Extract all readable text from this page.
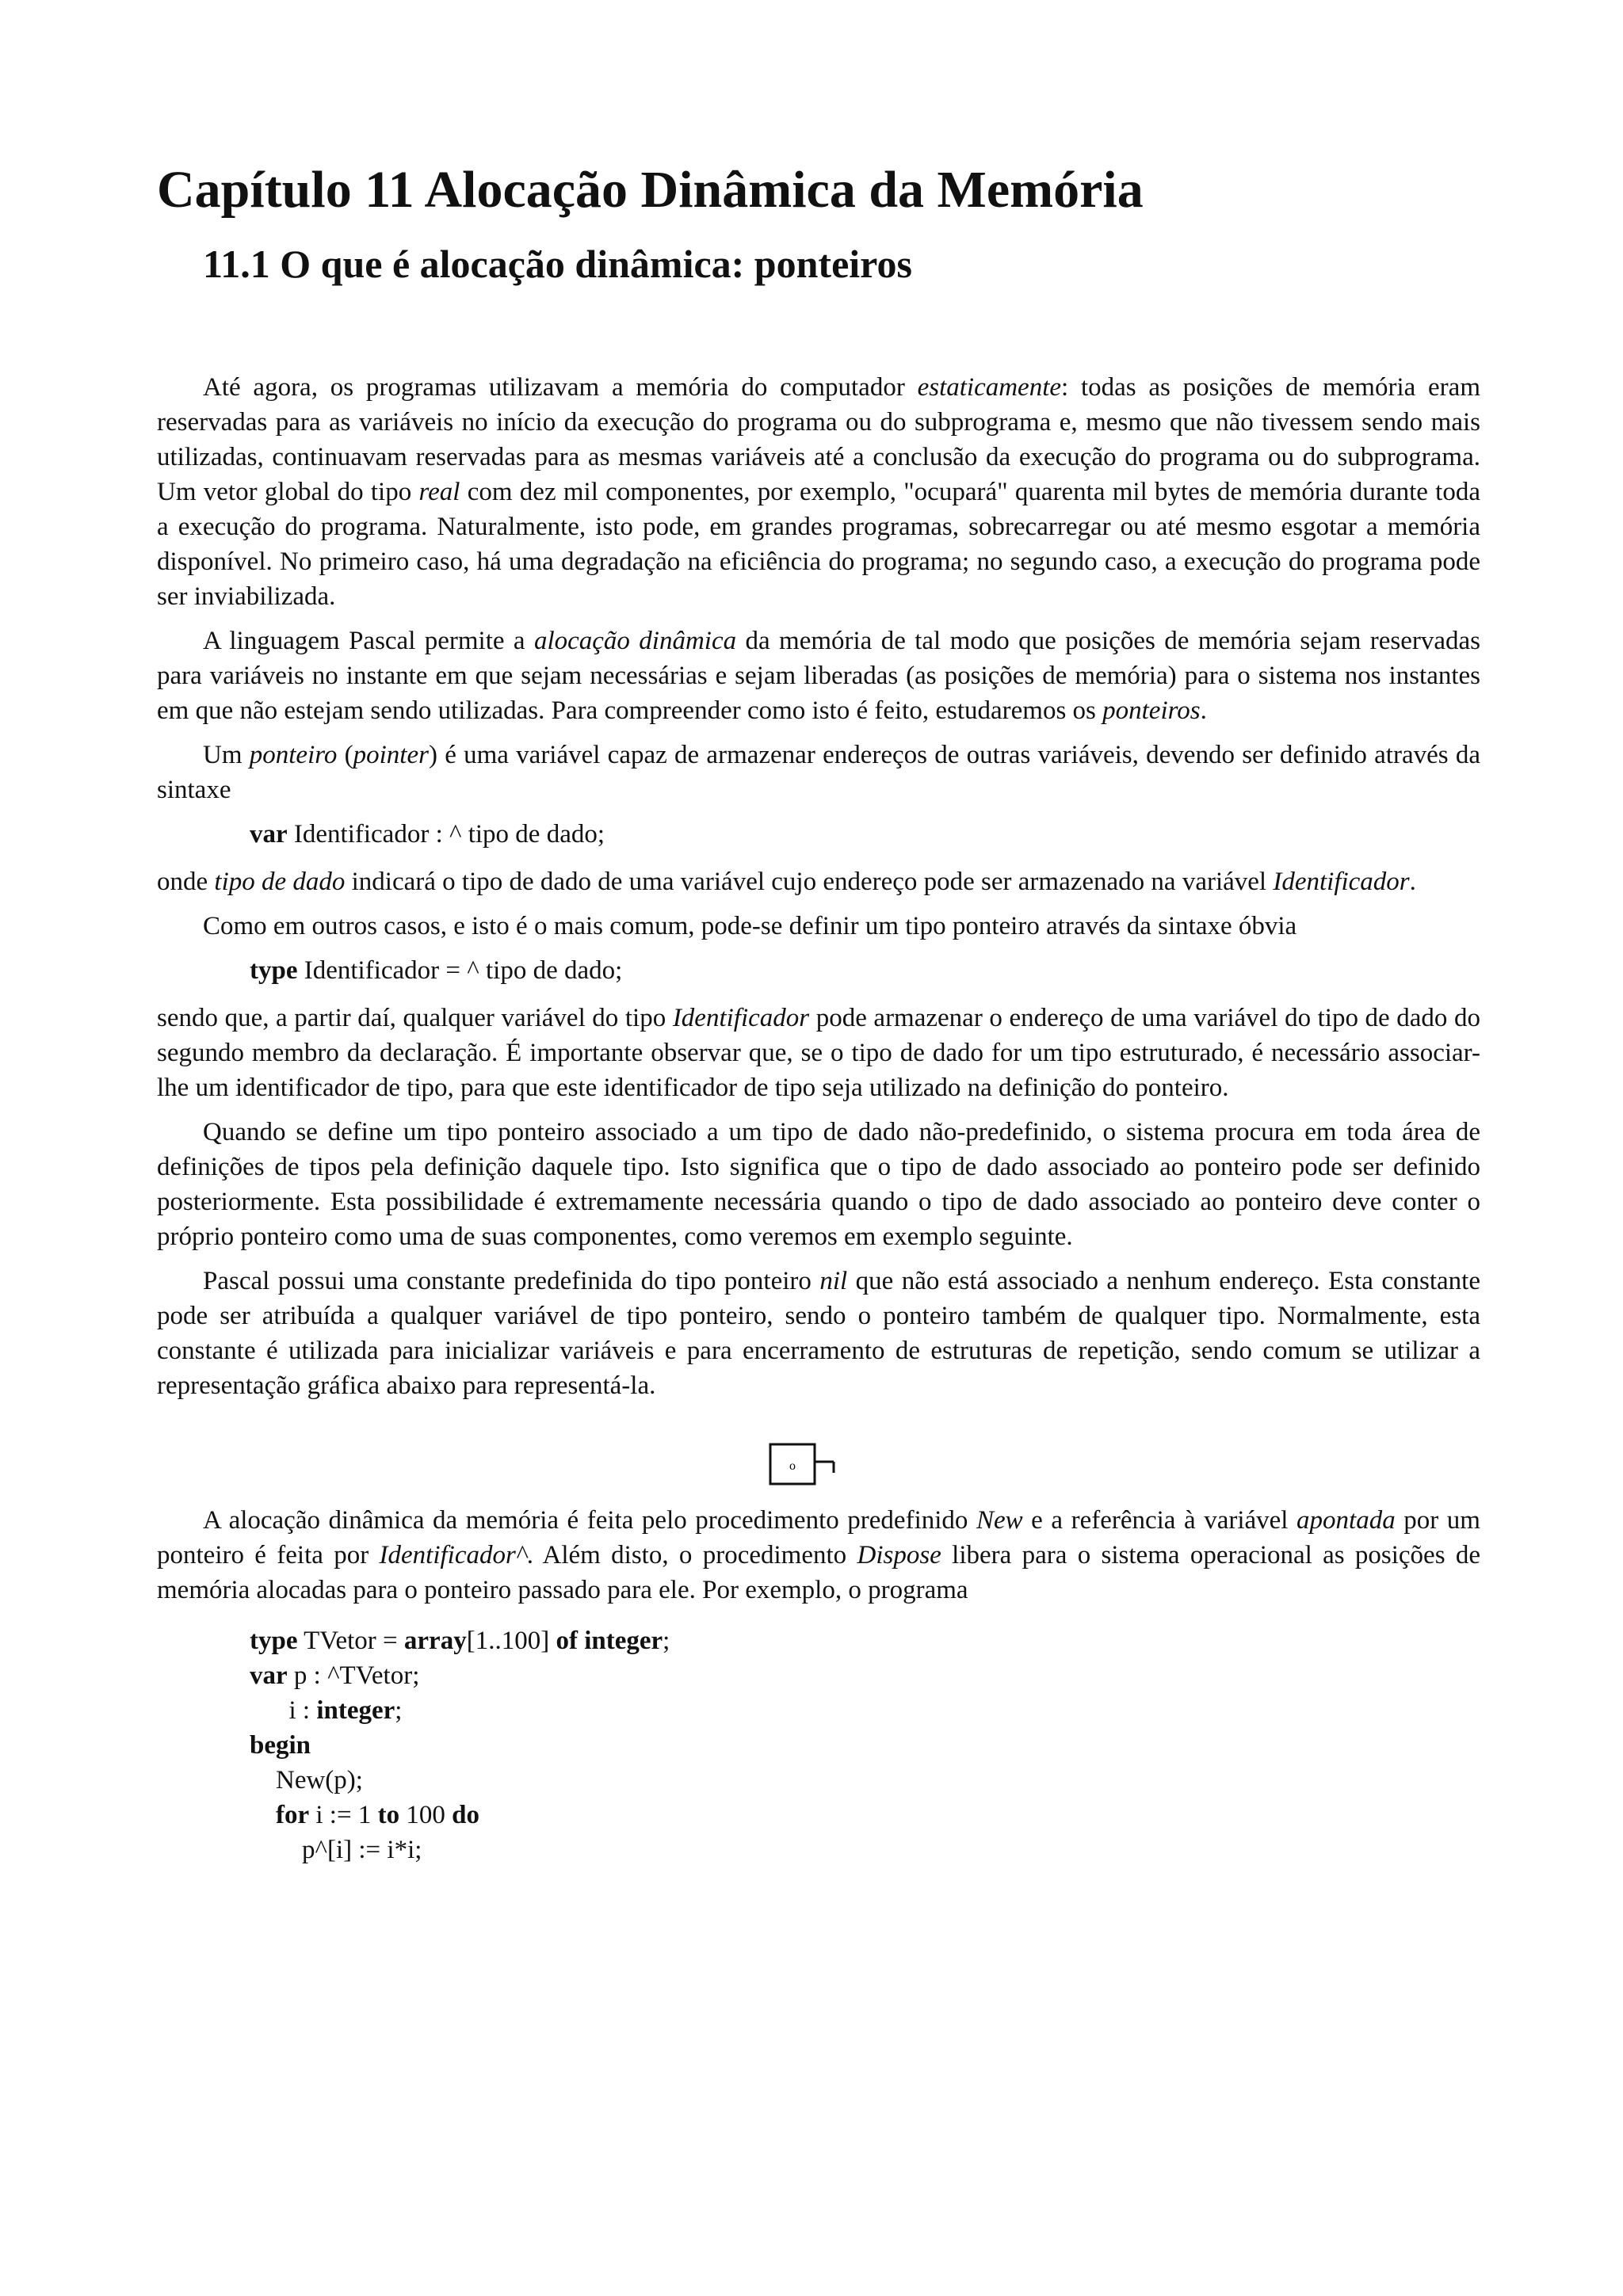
Capítulo 11 Alocação Dinâmica da Memória
11.1 O que é alocação dinâmica: ponteiros

Até agora, os programas utilizavam a memória do computador estaticamente: todas as posições de memória eram reservadas para as variáveis no início da execução do programa ou do subprograma e, mesmo que não tivessem sendo mais utilizadas, continuavam reservadas para as mesmas variáveis até a conclusão da execução do programa ou do subprograma. Um vetor global do tipo real com dez mil componentes, por exemplo, "ocupará" quarenta mil bytes de memória durante toda a execução do programa. Naturalmente, isto pode, em grandes programas, sobrecarregar ou até mesmo esgotar a memória disponível. No primeiro caso, há uma degradação na eficiência do programa; no segundo caso, a execução do programa pode ser inviabilizada.

A linguagem Pascal permite a alocação dinâmica da memória de tal modo que posições de memória sejam reservadas para variáveis no instante em que sejam necessárias e sejam liberadas (as posições de memória) para o sistema nos instantes em que não estejam sendo utilizadas. Para compreender como isto é feito, estudaremos os ponteiros.

Um ponteiro (pointer) é uma variável capaz de armazenar endereços de outras variáveis, devendo ser definido através da sintaxe

var Identificador : ^ tipo de dado;

onde tipo de dado indicará o tipo de dado de uma variável cujo endereço pode ser armazenado na variável Identificador.

Como em outros casos, e isto é o mais comum, pode-se definir um tipo ponteiro através da sintaxe óbvia

type Identificador = ^ tipo de dado;

sendo que, a partir daí, qualquer variável do tipo Identificador pode armazenar o endereço de uma variável do tipo de dado do segundo membro da declaração. É importante observar que, se o tipo de dado for um tipo estruturado, é necessário associar-lhe um identificador de tipo, para que este identificador de tipo seja utilizado na definição do ponteiro.

Quando se define um tipo ponteiro associado a um tipo de dado não-predefinido, o sistema procura em toda área de definições de tipos pela definição daquele tipo. Isto significa que o tipo de dado associado ao ponteiro pode ser definido posteriormente. Esta possibilidade é extremamente necessária quando o tipo de dado associado ao ponteiro deve conter o próprio ponteiro como uma de suas componentes, como veremos em exemplo seguinte.

Pascal possui uma constante predefinida do tipo ponteiro nil que não está associado a nenhum endereço. Esta constante pode ser atribuída a qualquer variável de tipo ponteiro, sendo o ponteiro também de qualquer tipo. Normalmente, esta constante é utilizada para inicializar variáveis e para encerramento de estruturas de repetição, sendo comum se utilizar a representação gráfica abaixo para representá-la.

o

A alocação dinâmica da memória é feita pelo procedimento predefinido New e a referência à variável apontada por um ponteiro é feita por Identificador^. Além disto, o procedimento Dispose libera para o sistema operacional as posições de memória alocadas para o ponteiro passado para ele. Por exemplo, o programa

type TVetor = array[1..100] of integer;
var p : ^TVetor;
i : integer;
begin
New(p);
for i := 1 to 100 do
p^[i] := i*i;
